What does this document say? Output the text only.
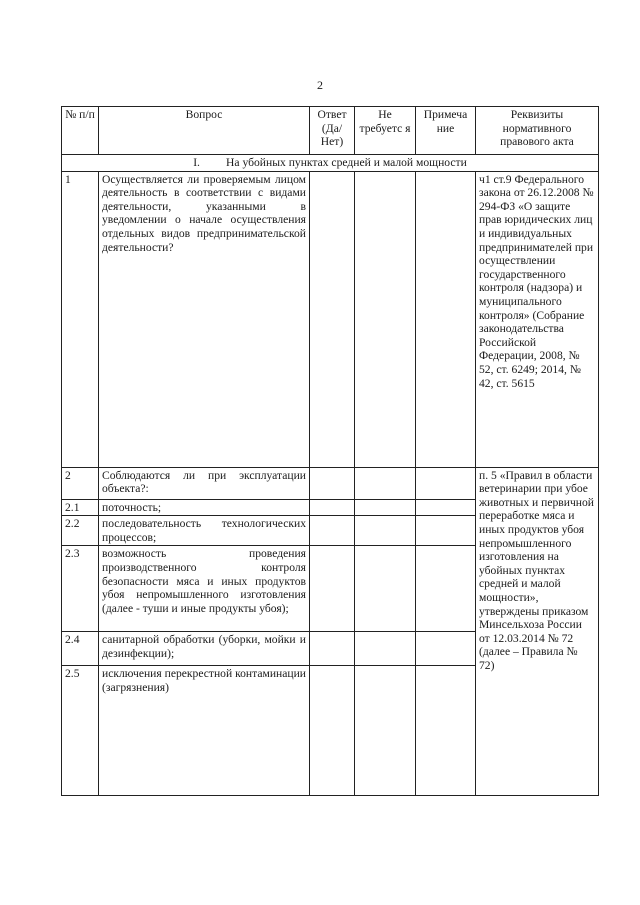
2
№ п/п	Вопрос	Ответ (Да/ Нет)	Не требуетс я	Примеча ние	Реквизиты нормативного правового акта
I. На убойных пунктах средней и малой мощности					
1	Осуществляется ли проверяемым лицом деятельность в соответствии с видами деятельности, указанными в уведомлении о начале осуществления отдельных видов предпринимательской деятельности?				ч1 ст.9 Федерального закона от 26.12.2008 № 294-ФЗ «О защите прав юридических лиц и индивидуальных предпринимателей при осуществлении государственного контроля (надзора) и муниципального контроля» (Собрание законодательства Российской Федерации, 2008, № 52, ст. 6249; 2014, № 42, ст. 5615
2	Соблюдаются ли при эксплуатации объекта?:				п. 5 «Правил в области ветеринарии при убое животных и первичной переработке мяса и иных продуктов убоя непромышленного изготовления на убойных пунктах средней и малой мощности», утверждены приказом Минсельхоза России от 12.03.2014 № 72 (далее – Правила № 72)
2.1	поточность;				
2.2	последовательность технологических процессов;				
2.3	возможность проведения производственного контроля безопасности мяса и иных продуктов убоя непромышленного изготовления (далее - туши и иные продукты убоя);				
2.4	санитарной обработки (уборки, мойки и дезинфекции);				
2.5	исключения перекрестной контаминации (загрязнения)				
